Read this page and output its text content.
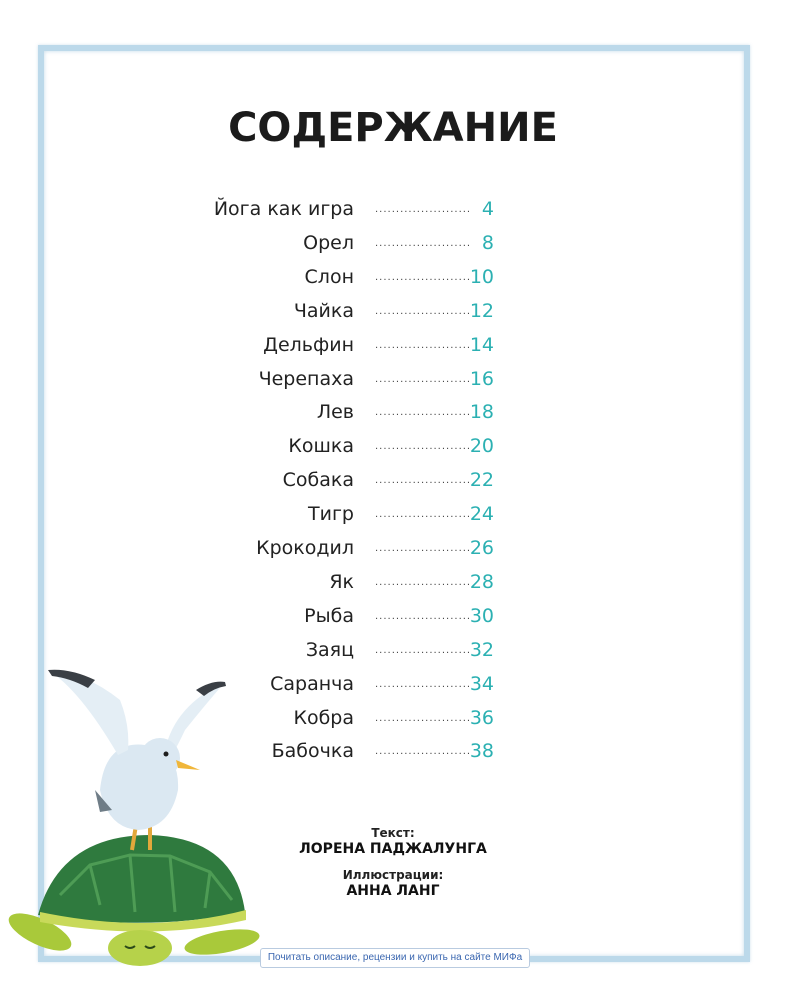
СОДЕРЖАНИЕ
Йога как игра ....................... 4
Орел ....................... 8
Слон .......................
10
Чайка .......................
12
Дельфин .......................
14
Черепаха .......................
16
Лев .......................
18
Кошка .......................
20
Собака .......................
22
Тигр .......................
24
Крокодил .......................
26
Як .......................
28
Рыба .......................
30
Заяц .......................
32
Саранча .......................
34
Кобра .......................
36
Бабочка .......................
38
Текст:
ЛОРЕНА ПАДЖАЛУНГА
Иллюстрации:
АННА ЛАНГ
Почитать описание, рецензии и купить на сайте МИФа
